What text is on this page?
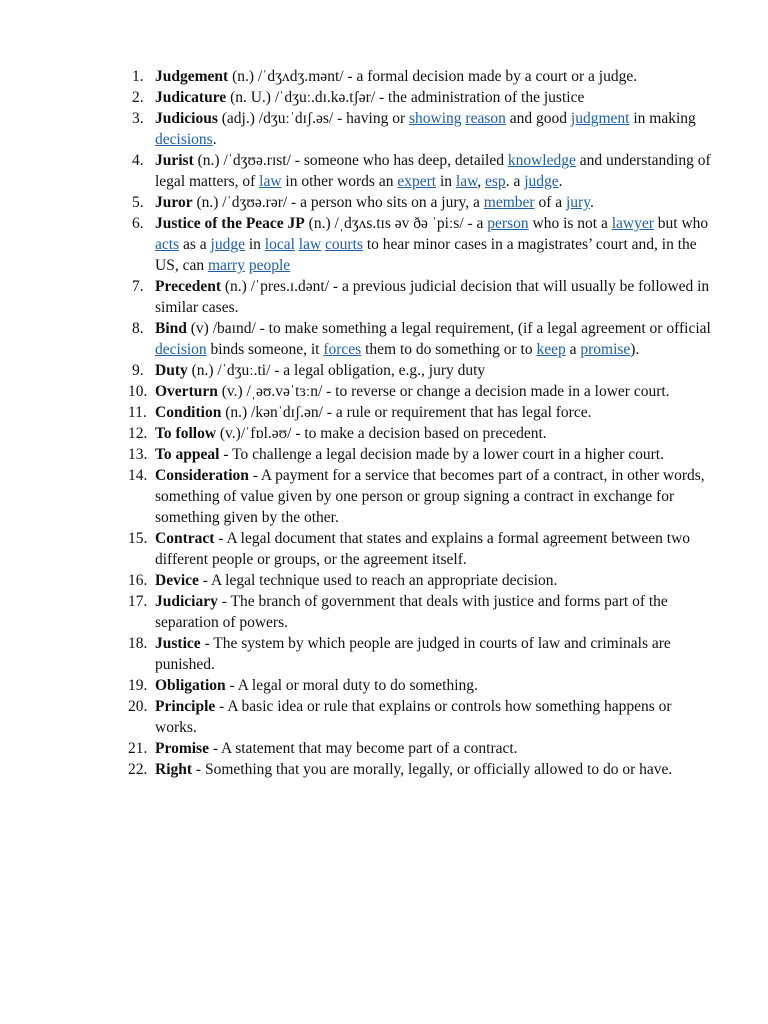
1. Judgement (n.) /ˈdʒʌdʒ.mənt/ - a formal decision made by a court or a judge.
2. Judicature (n. U.) /ˈdʒuː.dɪ.kə.tʃər/ - the administration of the justice
3. Judicious (adj.) /dʒuːˈdɪʃ.əs/ - having or showing reason and good judgment in making decisions.
4. Jurist (n.) /ˈdʒʊə.rɪst/ - someone who has deep, detailed knowledge and understanding of legal matters, of law in other words an expert in law, esp. a judge.
5. Juror (n.) /ˈdʒʊə.rər/ - a person who sits on a jury, a member of a jury.
6. Justice of the Peace JP (n.) /ˌdʒʌs.tɪs əv ðə ˈpiːs/ - a person who is not a lawyer but who acts as a judge in local law courts to hear minor cases in a magistrates’ court and, in the US, can marry people
7. Precedent (n.) /ˈpres.ɪ.dənt/ - a previous judicial decision that will usually be followed in similar cases.
8. Bind (v) /baɪnd/ - to make something a legal requirement, (if a legal agreement or official decision binds someone, it forces them to do something or to keep a promise).
9. Duty (n.) /ˈdʒuː.ti/ - a legal obligation, e.g., jury duty
10. Overturn (v.) /ˌəʊ.vəˈtɜːn/ - to reverse or change a decision made in a lower court.
11. Condition (n.) /kənˈdɪʃ.ən/ - a rule or requirement that has legal force.
12. To follow (v.)/ˈfɒl.əʊ/ - to make a decision based on precedent.
13. To appeal - To challenge a legal decision made by a lower court in a higher court.
14. Consideration - A payment for a service that becomes part of a contract, in other words, something of value given by one person or group signing a contract in exchange for something given by the other.
15. Contract - A legal document that states and explains a formal agreement between two different people or groups, or the agreement itself.
16. Device - A legal technique used to reach an appropriate decision.
17. Judiciary - The branch of government that deals with justice and forms part of the separation of powers.
18. Justice - The system by which people are judged in courts of law and criminals are punished.
19. Obligation - A legal or moral duty to do something.
20. Principle - A basic idea or rule that explains or controls how something happens or works.
21. Promise - A statement that may become part of a contract.
22. Right - Something that you are morally, legally, or officially allowed to do or have.
